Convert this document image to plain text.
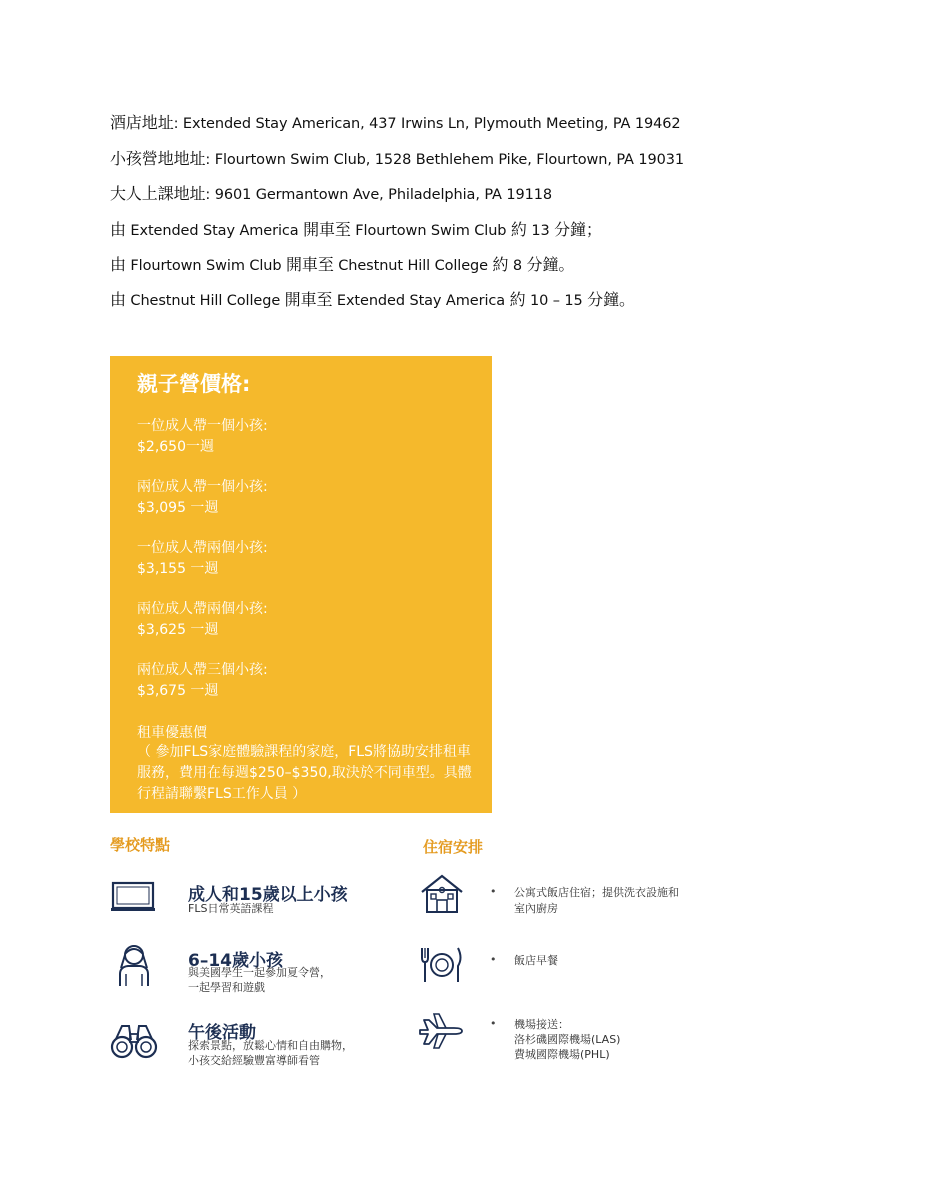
酒店地址: Extended Stay American, 437 Irwins Ln, Plymouth Meeting, PA 19462
小孩營地地址: Flourtown Swim Club, 1528 Bethlehem Pike, Flourtown, PA 19031
大人上課地址: 9601 Germantown Ave, Philadelphia, PA 19118
由 Extended Stay America 開車至 Flourtown Swim Club 約 13 分鐘；
由 Flourtown Swim Club 開車至 Chestnut Hill College 約 8 分鐘。
由 Chestnut Hill College 開車至 Extended Stay America 約 10 – 15 分鐘。
親子營價格:
一位成人帶一個小孩:
$2,650一週
兩位成人帶一個小孩:
$3,095 一週
一位成人帶兩個小孩:
$3,155 一週
兩位成人帶兩個小孩:
$3,625 一週
兩位成人帶三個小孩:
$3,675 一週
租車優惠價
（ 參加FLS家庭體驗課程的家庭，FLS將協助安排租車服務，費用在每週$250–$350,取決於不同車型。具體行程請聯繫FLS工作人員 ）
學校特點	住宿安排
成人和15歲以上小孩
FLS日常英語課程
6–14歲小孩
與美國學生一起參加夏令營，
一起學習和遊戲
午後活動
探索景點，放鬆心情和自由購物，
小孩交給經驗豐富導師看管
• 公寓式飯店住宿；提供洗衣設施和
室內廚房
• 飯店早餐
• 機場接送：
洛杉磯國際機場(LAS)
費城國際機場(PHL)
